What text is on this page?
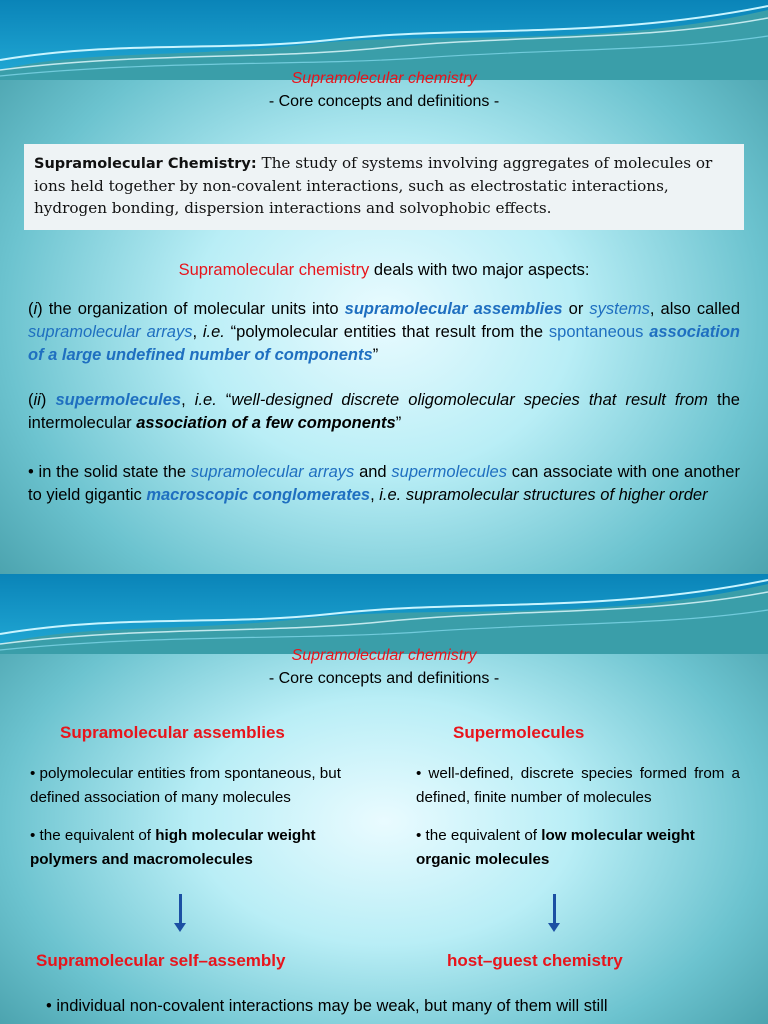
Supramolecular chemistry
- Core concepts and definitions -
Supramolecular Chemistry: The study of systems involving aggregates of molecules or ions held together by non-covalent interactions, such as electrostatic interactions, hydrogen bonding, dispersion interactions and solvophobic effects.
Supramolecular chemistry deals with two major aspects:
(i) the organization of molecular units into supramolecular assemblies or systems, also called supramolecular arrays, i.e. “polymolecular entities that result from the spontaneous association of a large undefined number of components”
(ii) supermolecules, i.e. “well-designed discrete oligomolecular species that result from the intermolecular association of a few components”
• in the solid state the supramolecular arrays and supermolecules can associate with one another to yield gigantic macroscopic conglomerates, i.e. supramolecular structures of higher order
Supramolecular chemistry
- Core concepts and definitions -
Supramolecular assemblies	Supermolecules
• polymolecular entities from spontaneous, but defined association of many molecules
• well-defined, discrete species formed from a defined, finite number of molecules
• the equivalent of high molecular weight polymers and macromolecules
• the equivalent of low molecular weight organic molecules
Supramolecular self–assembly	host–guest chemistry
• individual non-covalent interactions may be weak, but many of them will still
